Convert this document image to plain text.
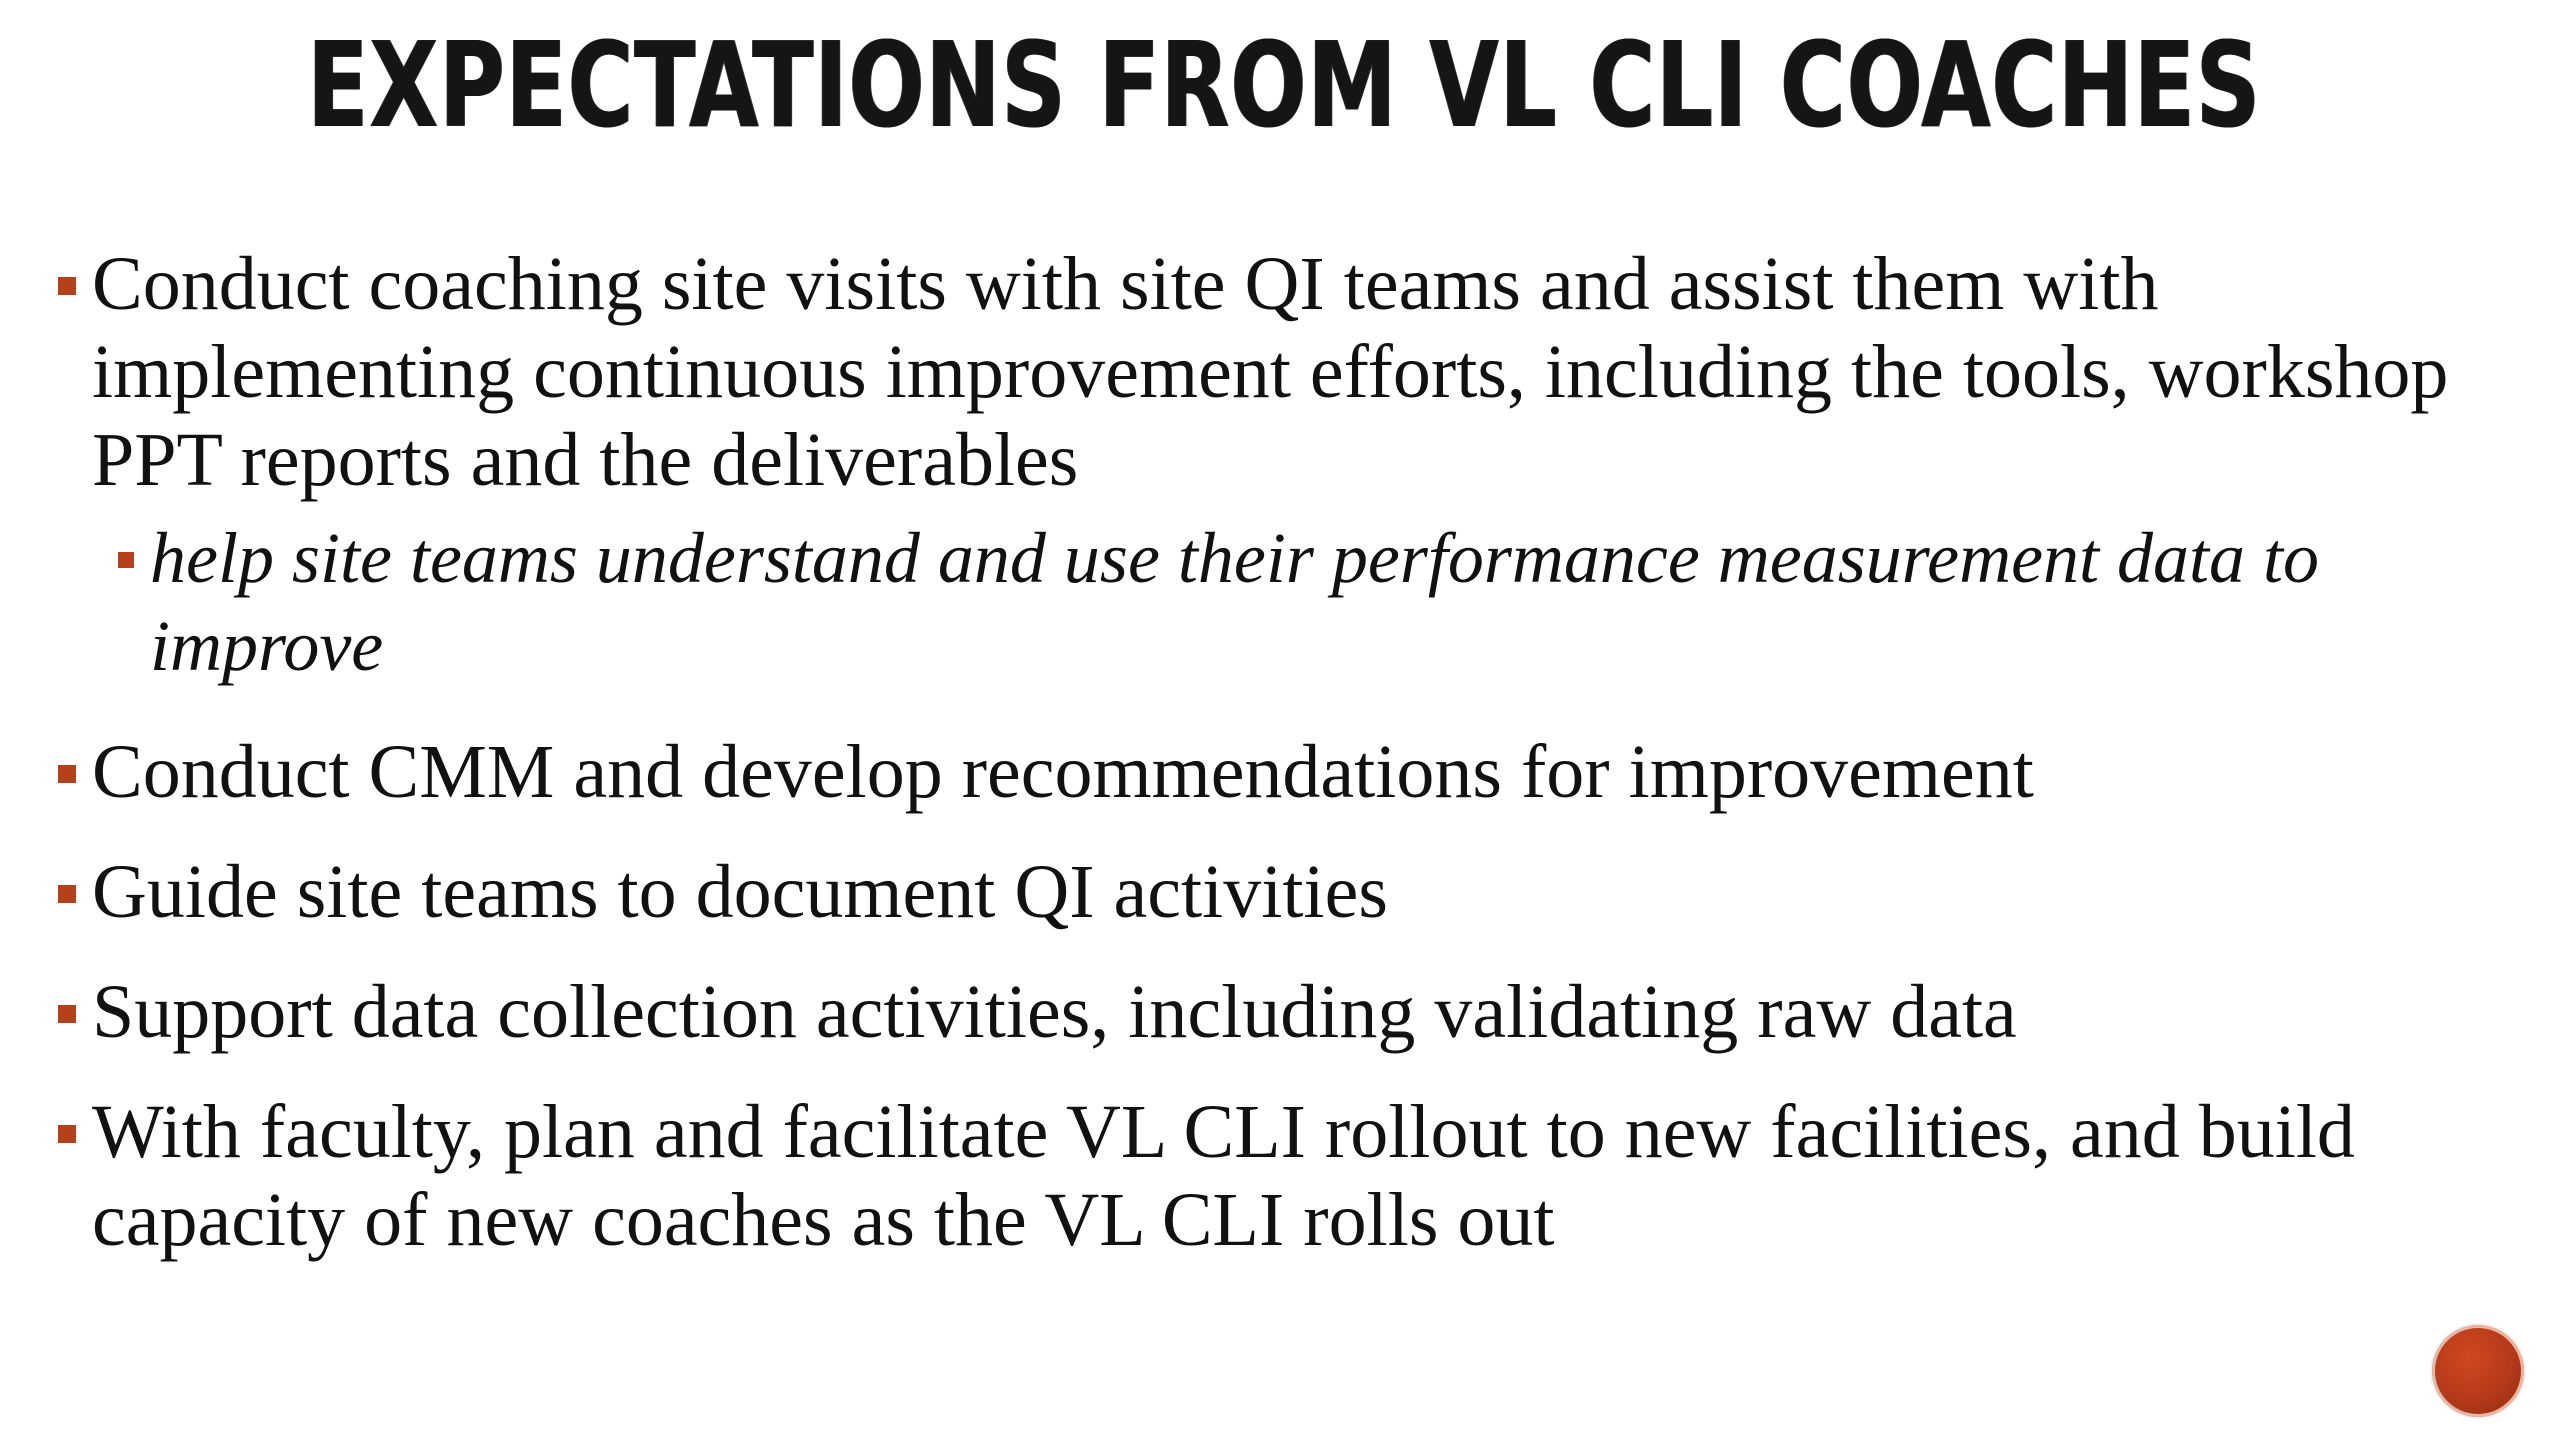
EXPECTATIONS FROM VL CLI COACHES
Conduct coaching site visits with site QI teams and assist them with implementing continuous improvement efforts, including the tools, workshop PPT reports and the deliverables
help site teams understand and use their performance measurement data to improve
Conduct CMM and develop recommendations for improvement
Guide site teams to document QI activities
Support data collection activities, including validating raw data
With faculty, plan and facilitate VL CLI rollout to new facilities, and build capacity of new coaches as the VL CLI rolls out
